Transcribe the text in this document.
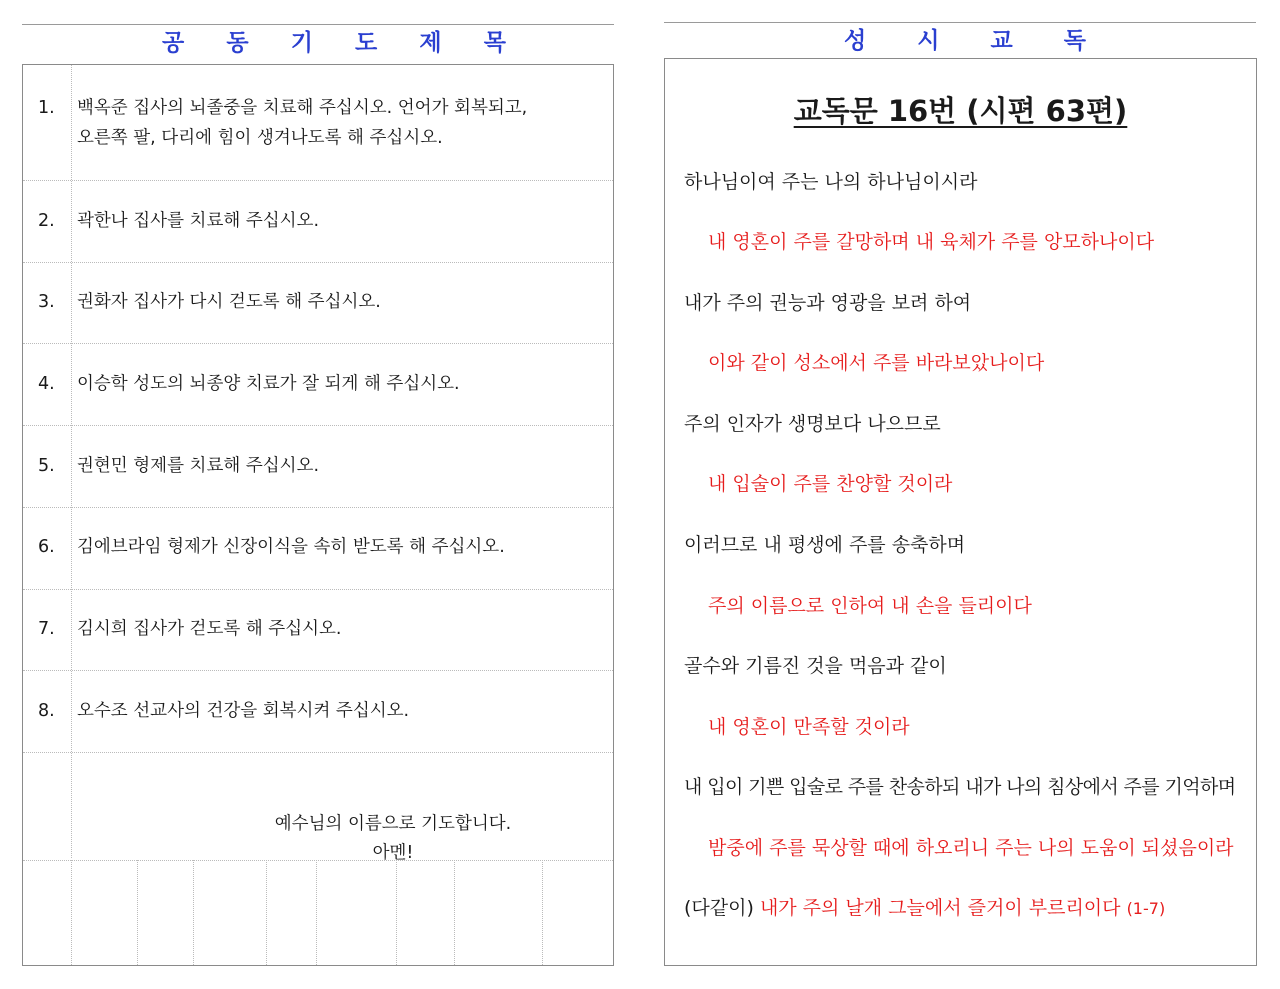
공 동 기 도 제 목
1. 백옥준 집사의 뇌졸중을 치료해 주십시오. 언어가 회복되고,
오른쪽 팔, 다리에 힘이 생겨나도록 해 주십시오.
2. 곽한나 집사를 치료해 주십시오.
3. 권화자 집사가 다시 걷도록 해 주십시오.
4. 이승학 성도의 뇌종양 치료가 잘 되게 해 주십시오.
5. 권현민 형제를 치료해 주십시오.
6. 김에브라임 형제가 신장이식을 속히 받도록 해 주십시오.
7. 김시희 집사가 걷도록 해 주십시오.
8. 오수조 선교사의 건강을 회복시켜 주십시오.
예수님의 이름으로 기도합니다.
아멘!
성 시 교 독
교독문 16번 (시편 63편)
하나님이여 주는 나의 하나님이시라
내 영혼이 주를 갈망하며 내 육체가 주를 앙모하나이다
내가 주의 권능과 영광을 보려 하여
이와 같이 성소에서 주를 바라보았나이다
주의 인자가 생명보다 나으므로
내 입술이 주를 찬양할 것이라
이러므로 내 평생에 주를 송축하며
주의 이름으로 인하여 내 손을 들리이다
골수와 기름진 것을 먹음과 같이
내 영혼이 만족할 것이라
내 입이 기쁜 입술로 주를 찬송하되 내가 나의 침상에서 주를 기억하며
밤중에 주를 묵상할 때에 하오리니 주는 나의 도움이 되셨음이라
(다같이) 내가 주의 날개 그늘에서 즐거이 부르리이다 (1-7)
